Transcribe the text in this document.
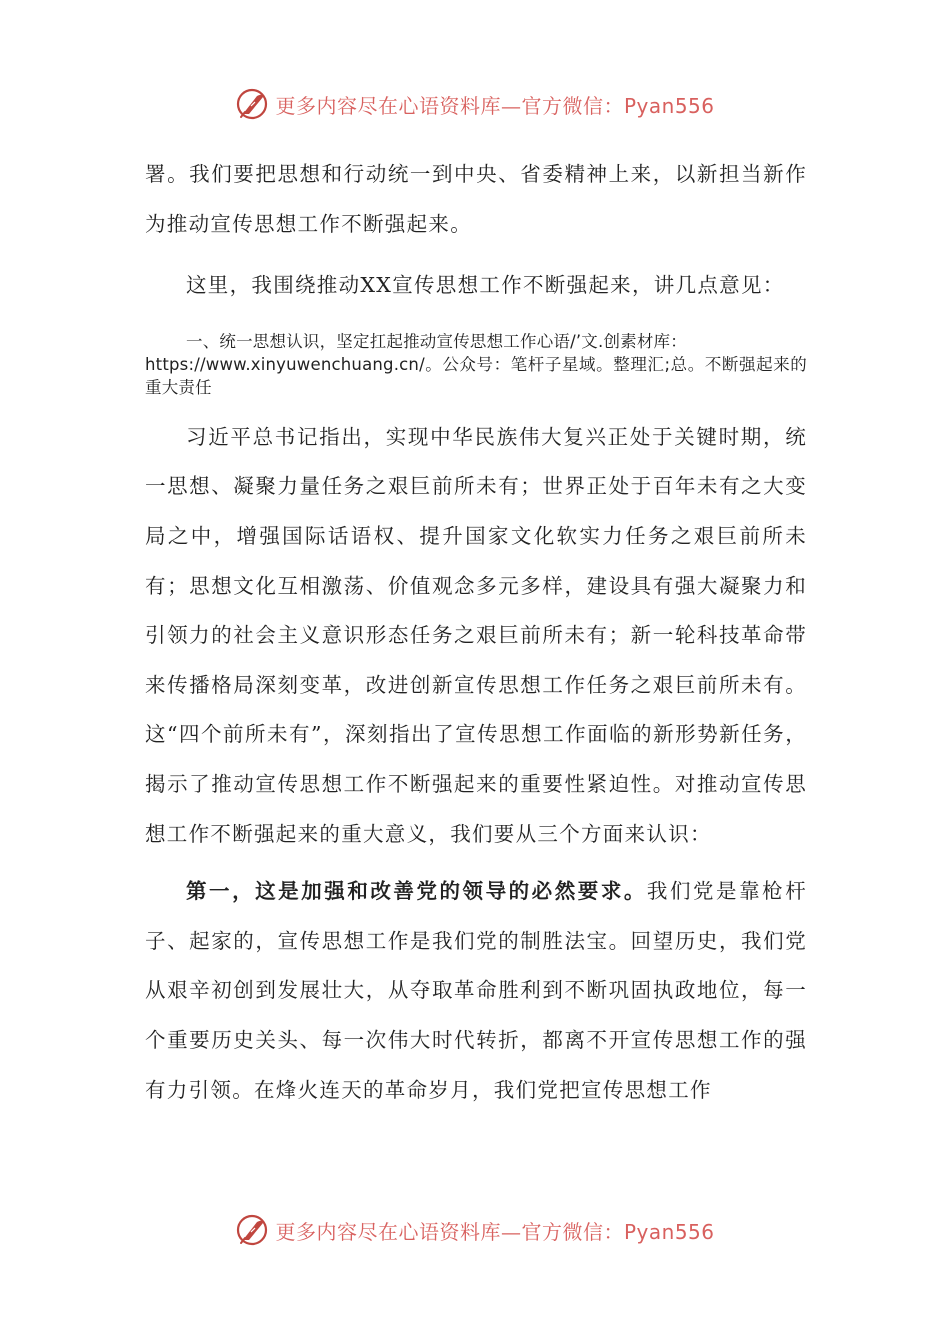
更多内容尽在心语资料库—官方微信：Pyan556

署。我们要把思想和行动统一到中央、省委精神上来，以新担当新作为推动宣传思想工作不断强起来。

这里，我围绕推动XX宣传思想工作不断强起来，讲几点意见：

一、统一思想认识，坚定扛起推动宣传思想工作心语/’文.创素材库：
https://www.xinyuwenchuang.cn/。公众号：笔杆子星域。整理汇;总。不断强起来的重大责任

习近平总书记指出，实现中华民族伟大复兴正处于关键时期，统一思想、凝聚力量任务之艰巨前所未有；世界正处于百年未有之大变局之中，增强国际话语权、提升国家文化软实力任务之艰巨前所未有；思想文化互相激荡、价值观念多元多样，建设具有强大凝聚力和引领力的社会主义意识形态任务之艰巨前所未有；新一轮科技革命带来传播格局深刻变革，改进创新宣传思想工作任务之艰巨前所未有。这“四个前所未有”，深刻指出了宣传思想工作面临的新形势新任务，揭示了推动宣传思想工作不断强起来的重要性紧迫性。对推动宣传思想工作不断强起来的重大意义，我们要从三个方面来认识：

第一，这是加强和改善党的领导的必然要求。我们党是靠枪杆子、起家的，宣传思想工作是我们党的制胜法宝。回望历史，我们党从艰辛初创到发展壮大，从夺取革命胜利到不断巩固执政地位，每一个重要历史关头、每一次伟大时代转折，都离不开宣传思想工作的强有力引领。在烽火连天的革命岁月，我们党把宣传思想工作

更多内容尽在心语资料库—官方微信：Pyan556
